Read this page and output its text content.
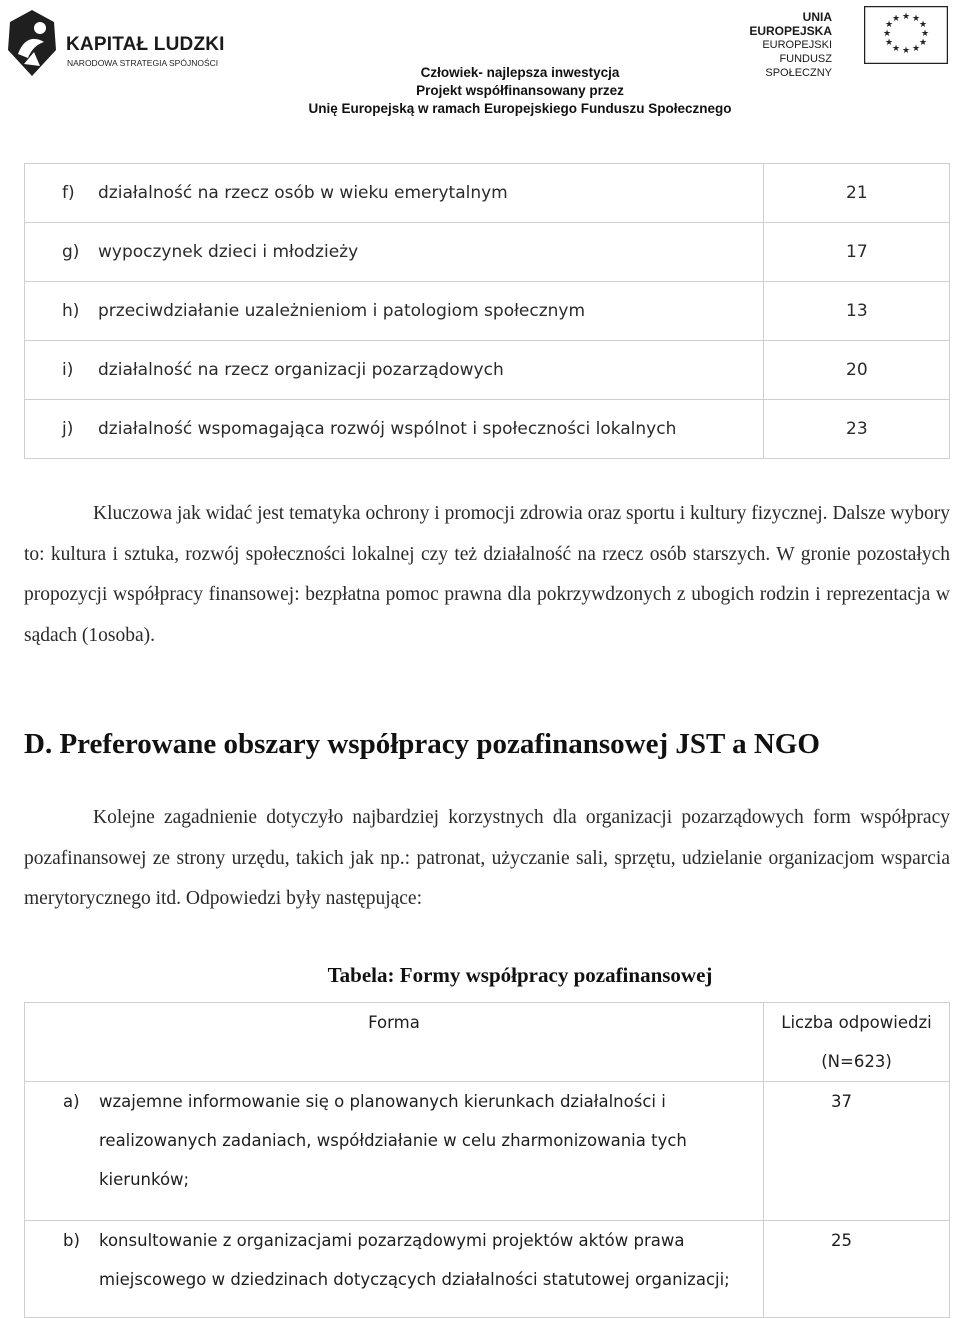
KAPITAŁ LUDZKI
NARODOWA STRATEGIA SPÓJNOŚCI
UNIA EUROPEJSKA
EUROPEJSKI
FUNDUSZ SPOŁECZNY
★ ★
★
★
★
★
★
★
★
★
★
★
Człowiek- najlepsza inwestycja
Projekt współfinansowany przez
Unię Europejską w ramach Europejskiego Funduszu Społecznego
f) działalność na rzecz osób w wieku emerytalnym	21
g) wypoczynek dzieci i młodzieży	17
h) przeciwdziałanie uzależnieniom i patologiom społecznym	13
i) działalność na rzecz organizacji pozarządowych	20
j) działalność wspomagająca rozwój wspólnot i społeczności lokalnych	23
Kluczowa jak widać jest tematyka ochrony i promocji zdrowia oraz sportu i kultury fizycznej. Dalsze wybory to: kultura i sztuka, rozwój społeczności lokalnej czy też działalność na rzecz osób starszych. W gronie pozostałych propozycji współpracy finansowej: bezpłatna pomoc prawna dla pokrzywdzonych z ubogich rodzin i reprezentacja w sądach (1osoba).
D. Preferowane obszary współpracy pozafinansowej JST a NGO
Kolejne zagadnienie dotyczyło najbardziej korzystnych dla organizacji pozarządowych form współpracy pozafinansowej ze strony urzędu, takich jak np.: patronat, użyczanie sali, sprzętu, udzielanie organizacjom wsparcia merytorycznego itd. Odpowiedzi były następujące:
Tabela: Formy współpracy pozafinansowej
Forma	Liczba odpowiedzi
(N=623)

a) wzajemne informowanie się o planowanych kierunkach działalności i realizowanych zadaniach, współdziałanie w celu zharmonizowania tych kierunków;	37

b) konsultowanie z organizacjami pozarządowymi projektów aktów prawa miejscowego w dziedzinach dotyczących działalności statutowej organizacji;	25
